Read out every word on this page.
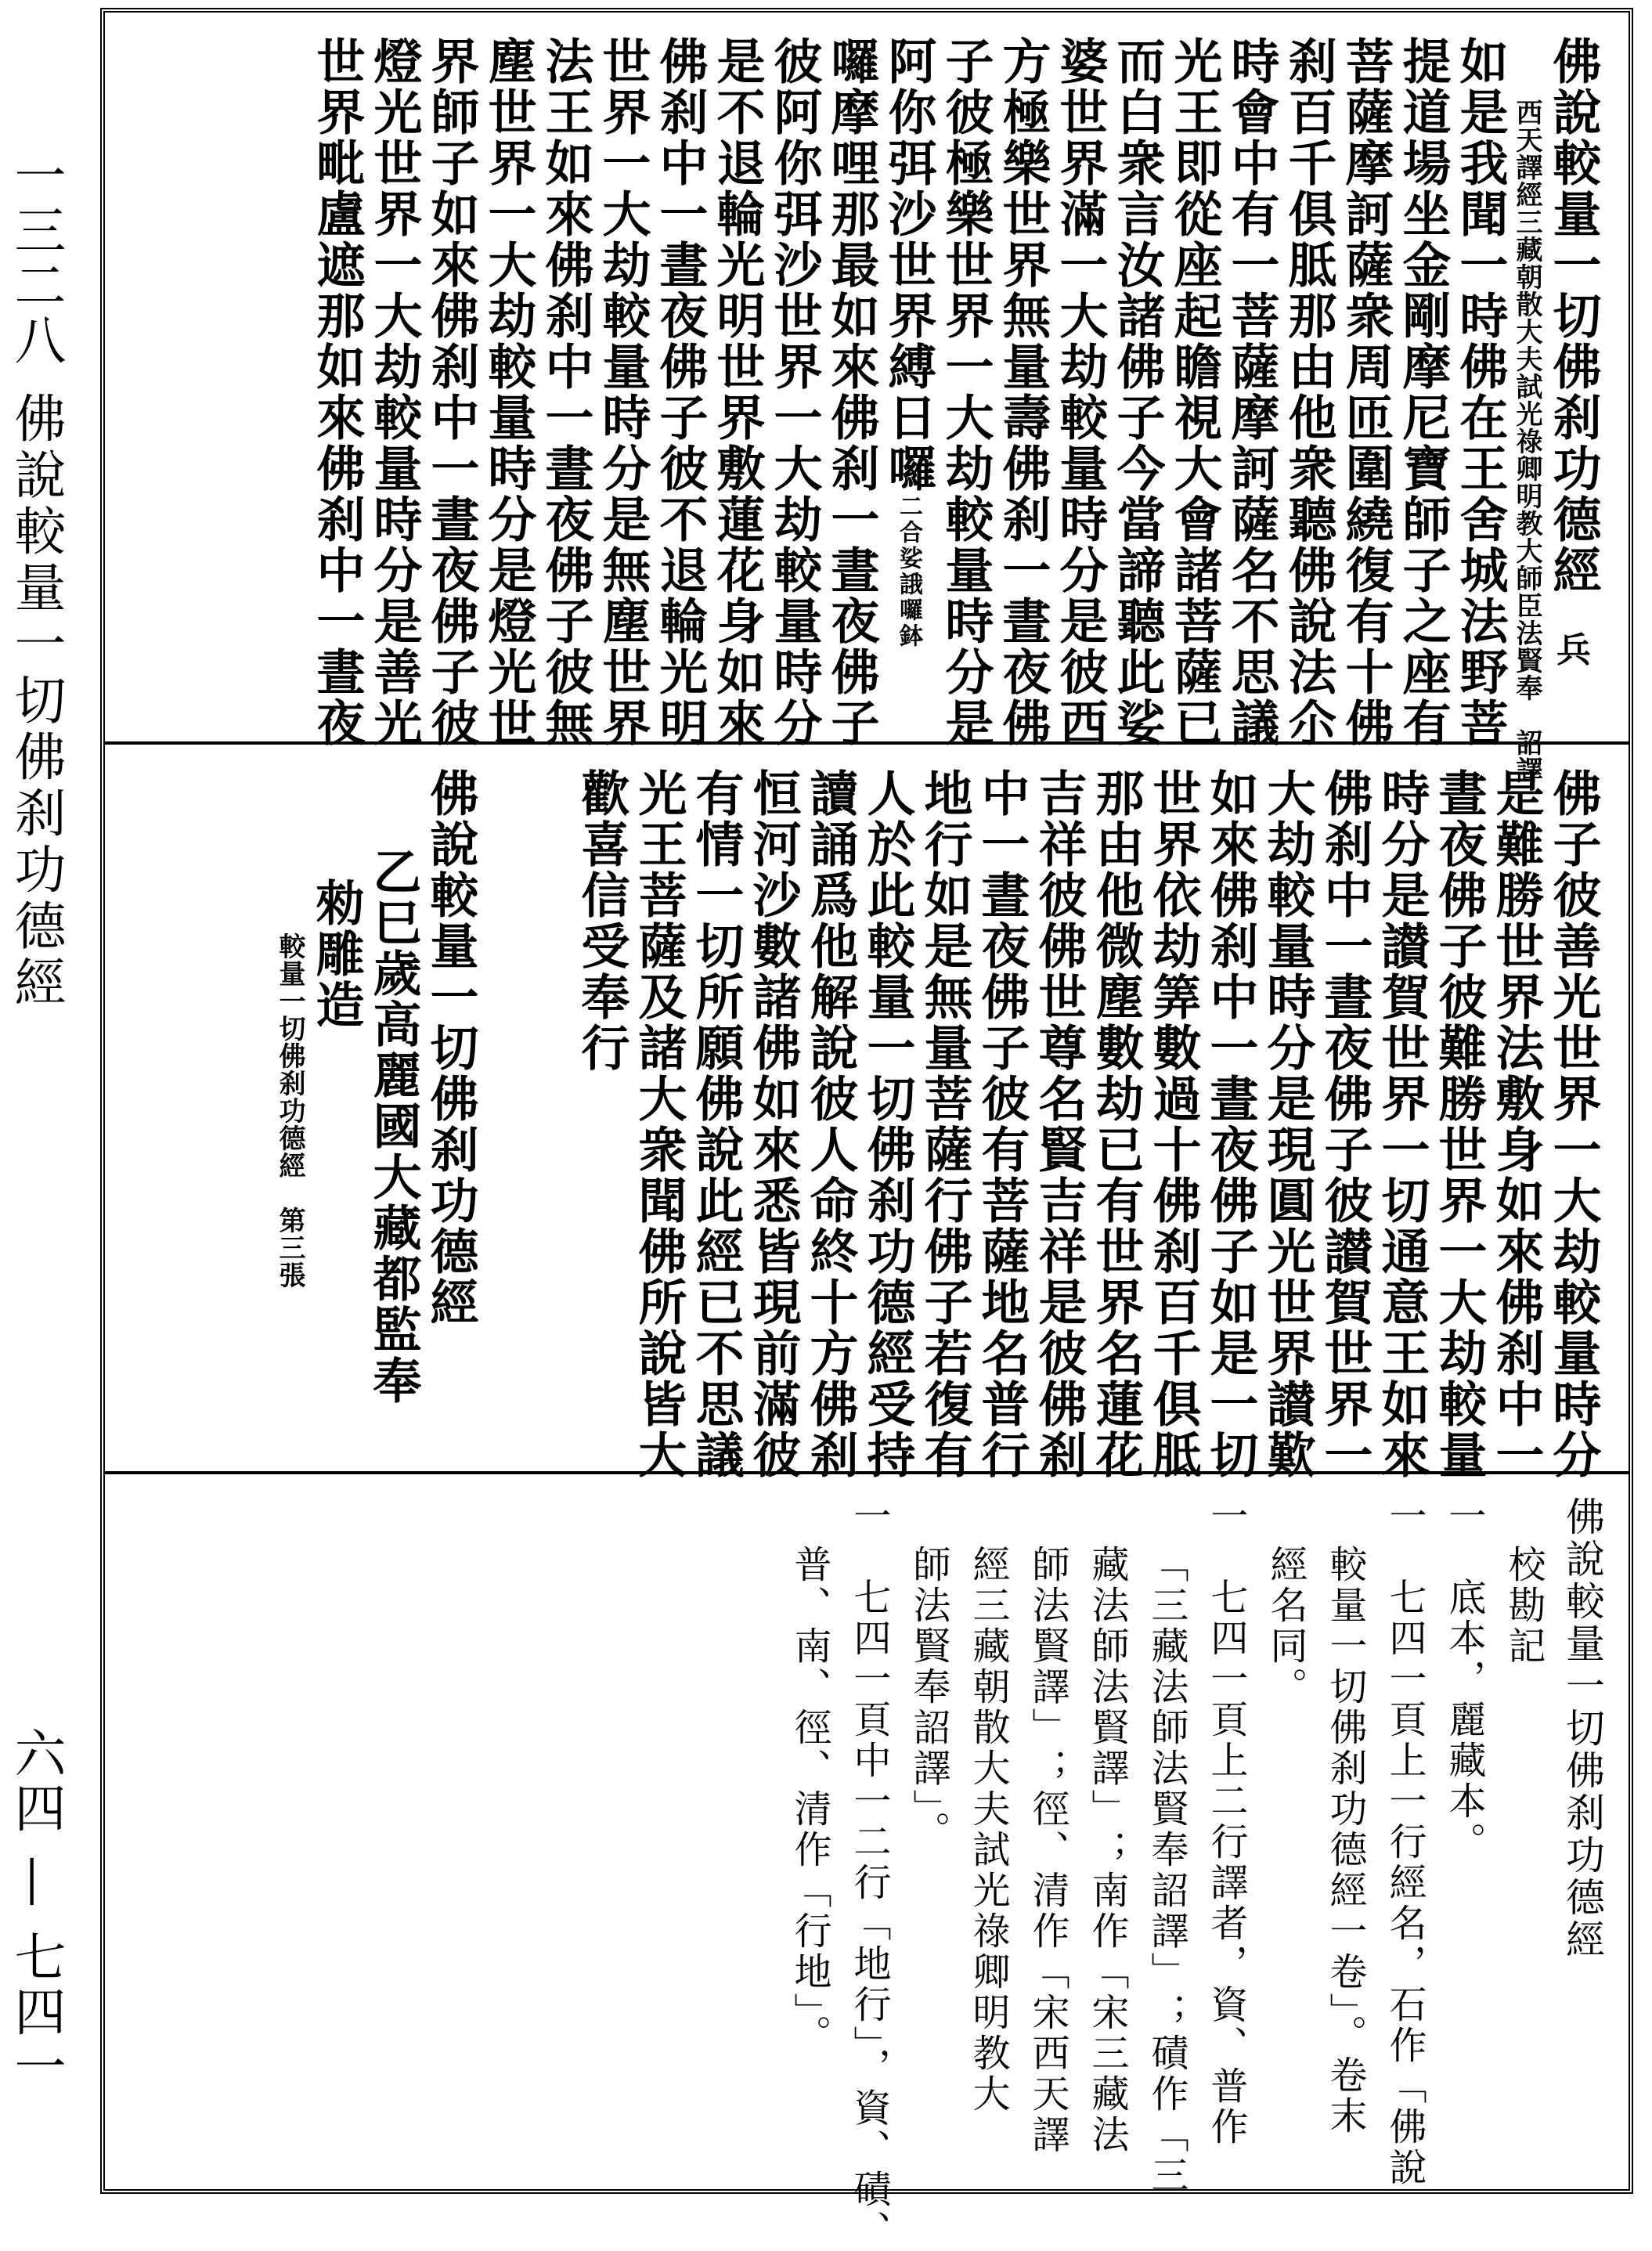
一三二八
佛說較量一切佛刹功德經
六四 — 七四一
佛說較量一切佛刹功德經
西天譯經三藏朝散大夫試光祿卿明教大師臣法賢奉　詔譯
如是我聞一時佛在王舍城法野菩
提道場坐金剛摩尼寶師子之座有
菩薩摩訶薩衆周匝圍繞復有十佛
刹百千俱胝那由他衆聽佛說法尒
時會中有一菩薩摩訶薩名不思議
光王即從座起瞻視大會諸菩薩已
而白衆言汝諸佛子今當諦聽此娑
婆世界滿一大劫較量時分是彼西
方極樂世界無量壽佛刹一晝夜佛
子彼極樂世界一大劫較量時分是
阿你弭沙世界縛日囉二合娑誐囉鉢
囉摩哩那最如來佛刹一晝夜佛子
彼阿你弭沙世界一大劫較量時分
是不退輪光明世界敷蓮花身如來
佛刹中一晝夜佛子彼不退輪光明
世界一大劫較量時分是無塵世界
法王如來佛刹中一晝夜佛子彼無
塵世界一大劫較量時分是燈光世
界師子如來佛刹中一晝夜佛子彼
燈光世界一大劫較量時分是善光
世界毗盧遮那如來佛刹中一晝夜	兵
佛子彼善光世界一大劫較量時分
是難勝世界法敷身如來佛刹中一
晝夜佛子彼難勝世界一大劫較量
時分是讃賀世界一切通意王如來
佛刹中一晝夜佛子彼讃賀世界一
大劫較量時分是現圓光世界讃歎
如來佛刹中一晝夜佛子如是一切
世界依劫筭數過十佛刹百千俱胝
那由他微塵數劫已有世界名蓮花
吉祥彼佛世尊名賢吉祥是彼佛刹
中一晝夜佛子彼有菩薩地名普行
地行如是無量菩薩行佛子若復有
人於此較量一切佛刹功德經受持
讀誦爲他解說彼人命終十方佛刹
恒河沙數諸佛如來悉皆現前滿彼
有情一切所願佛說此經已不思議
光王菩薩及諸大衆聞佛所說皆大
歡喜信受奉行
佛說較量一切佛刹功德經
乙巳歲高麗國大藏都監奉
勑雕造
較量一切佛刹功德經　第三張
佛說較量一切佛刹功德經
校勘記
一　底本，麗藏本。
一　七四一頁上一行經名，石作「佛說
較量一切佛刹功德經一卷」。卷末
經名同。
一　七四一頁上二行譯者，資、普作
「三藏法師法賢奉詔譯」；磧作「三
藏法師法賢譯」；南作「宋三藏法
師法賢譯」；徑、清作「宋西天譯
經三藏朝散大夫試光祿卿明教大
師法賢奉詔譯」。
一　七四一頁中一二行「地行」，資、磧、
普、南、徑、清作「行地」。
